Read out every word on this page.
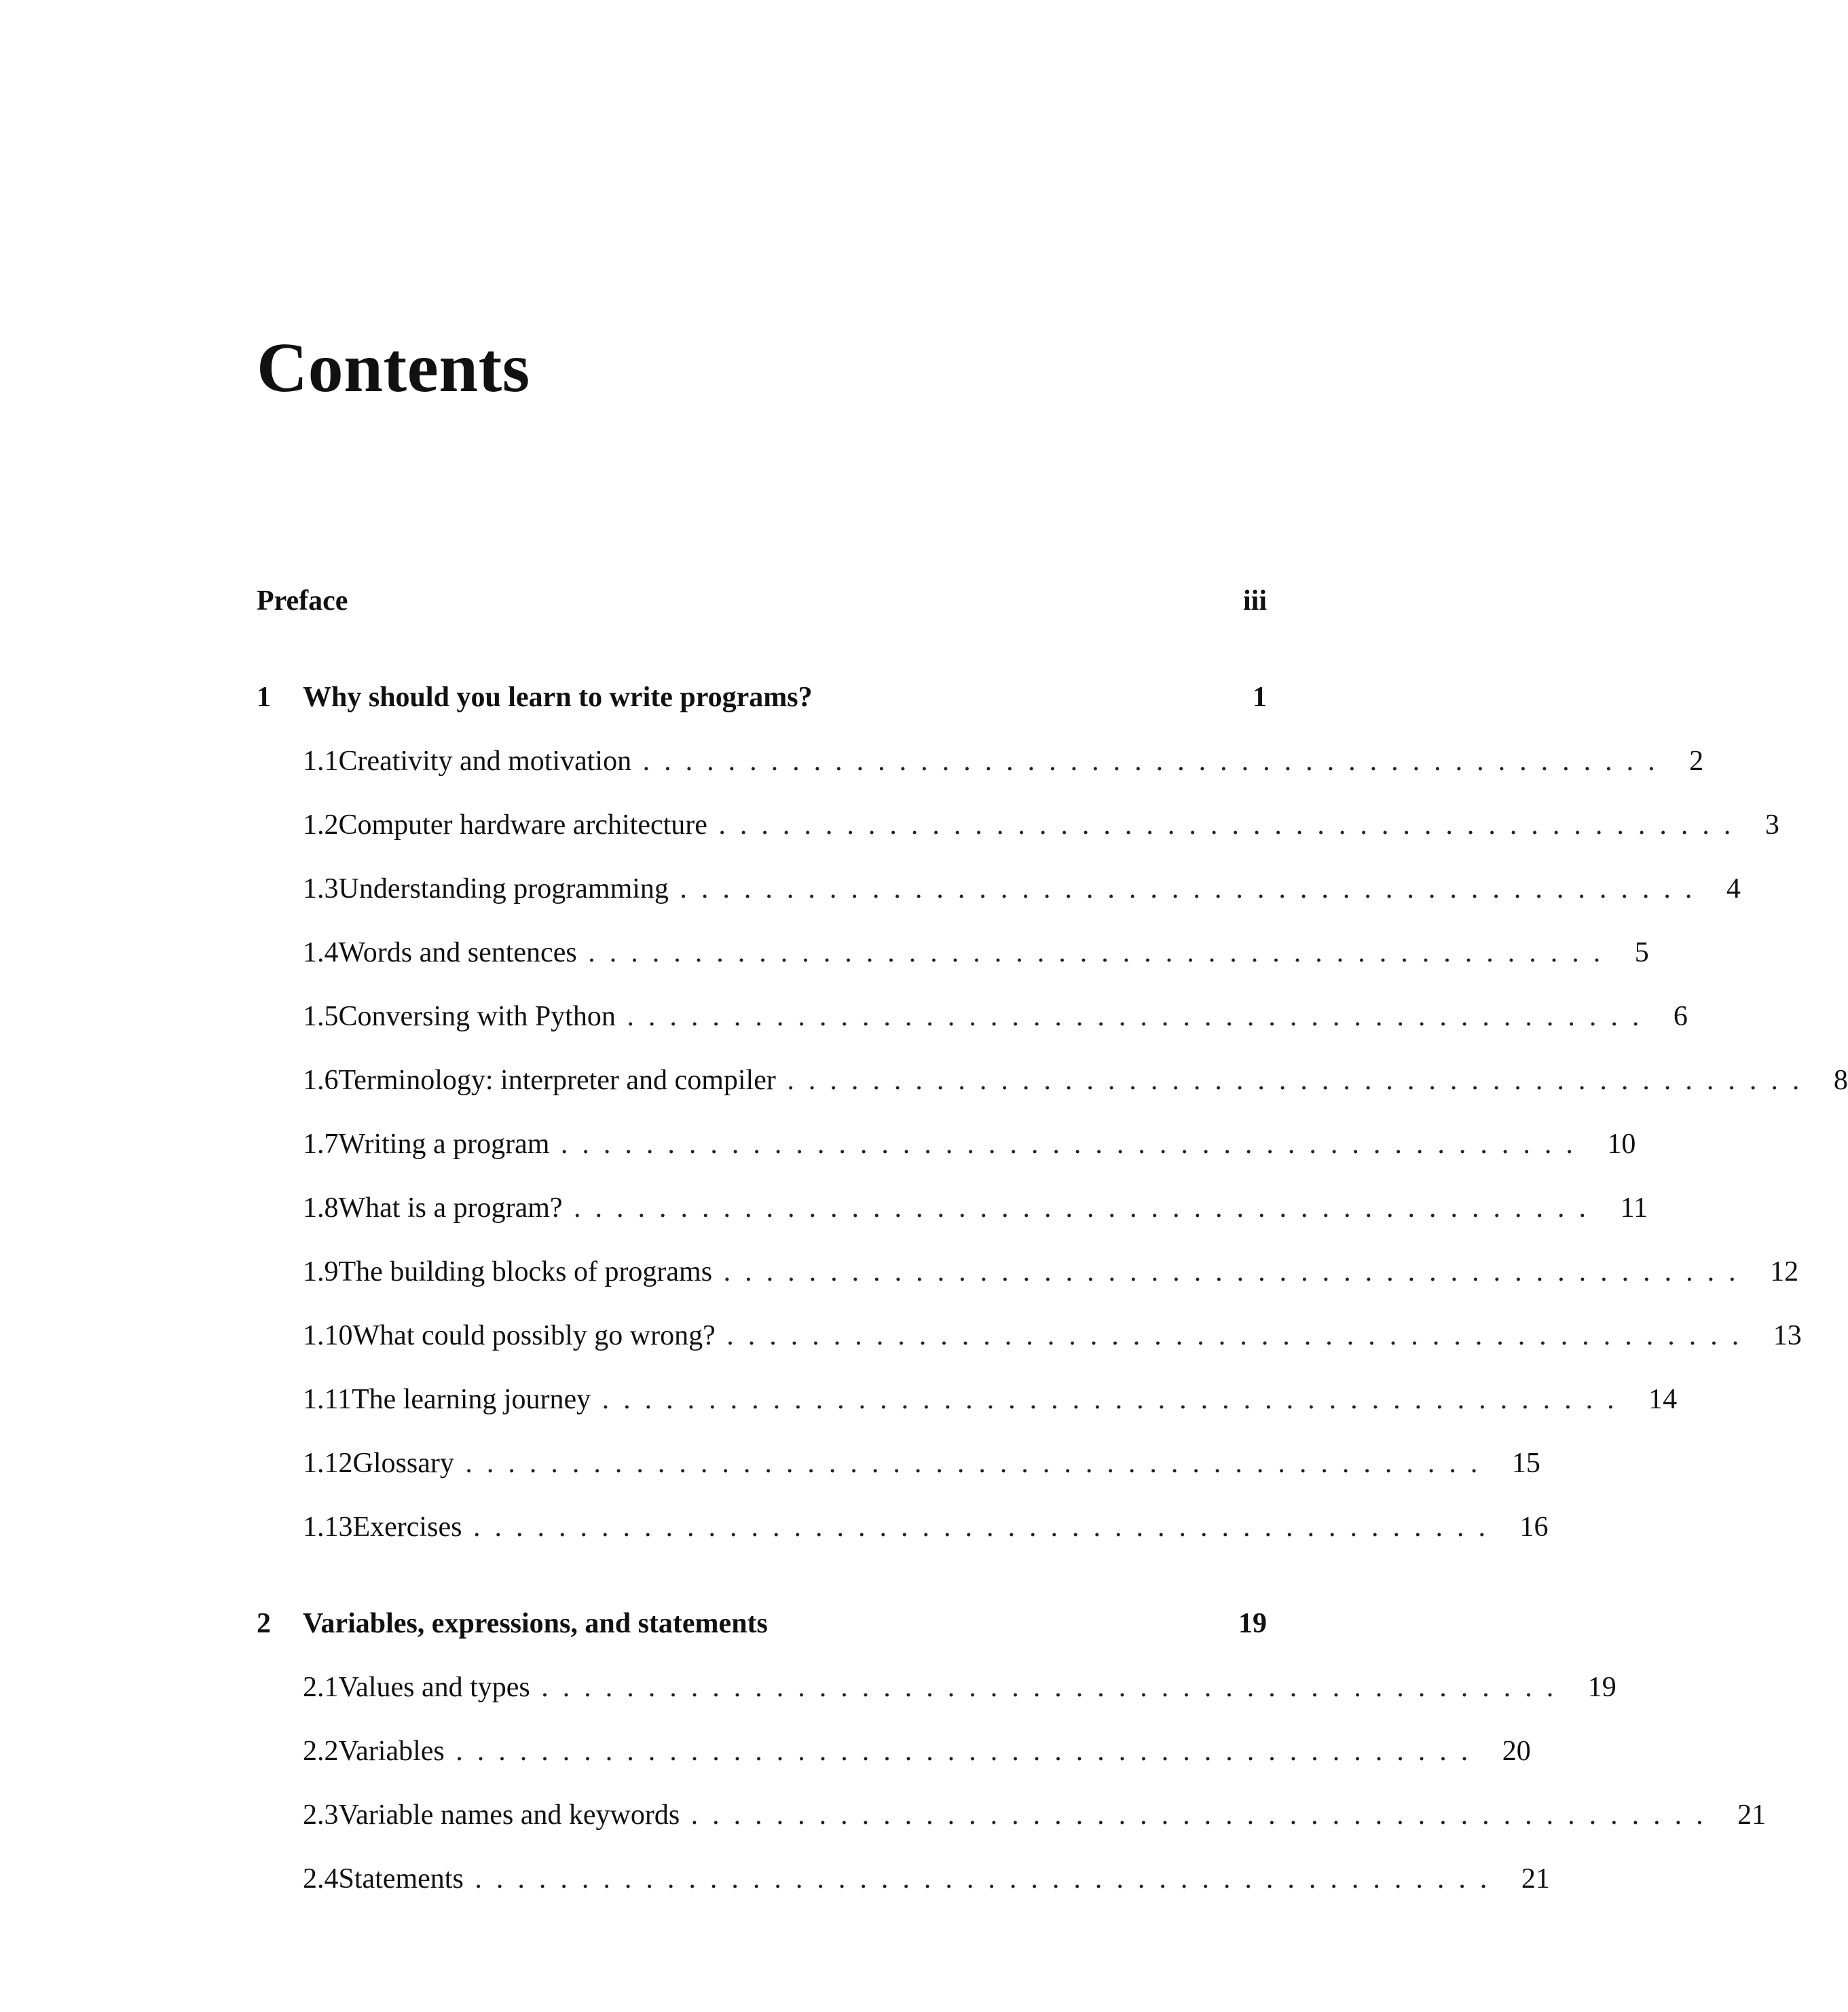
Contents
Preface	iii
1	Why should you learn to write programs?	1
1.1 Creativity and motivation . . . . . . . . . . . . . . . . . . . . . . . . . . . . . . . . . . . . . . . . . . . . . . . .	2
1.2 Computer hardware architecture . . . . . . . . . . . . . . . . . . . . . . . . . . . . . . . . . . . . . . . . . . . . . . . .	3
1.3 Understanding programming . . . . . . . . . . . . . . . . . . . . . . . . . . . . . . . . . . . . . . . . . . . . . . . .	4
1.4 Words and sentences . . . . . . . . . . . . . . . . . . . . . . . . . . . . . . . . . . . . . . . . . . . . . . . .	5
1.5 Conversing with Python . . . . . . . . . . . . . . . . . . . . . . . . . . . . . . . . . . . . . . . . . . . . . . . .	6
1.6 Terminology: interpreter and compiler . . . . . . . . . . . . . . . . . . . . . . . . . . . . . . . . . . . . . . . . . . . . . . . .	8
1.7 Writing a program . . . . . . . . . . . . . . . . . . . . . . . . . . . . . . . . . . . . . . . . . . . . . . . .	10
1.8 What is a program? . . . . . . . . . . . . . . . . . . . . . . . . . . . . . . . . . . . . . . . . . . . . . . . .	11
1.9 The building blocks of programs . . . . . . . . . . . . . . . . . . . . . . . . . . . . . . . . . . . . . . . . . . . . . . . .	12
1.10 What could possibly go wrong? . . . . . . . . . . . . . . . . . . . . . . . . . . . . . . . . . . . . . . . . . . . . . . . .	13
1.11 The learning journey . . . . . . . . . . . . . . . . . . . . . . . . . . . . . . . . . . . . . . . . . . . . . . . .	14
1.12 Glossary . . . . . . . . . . . . . . . . . . . . . . . . . . . . . . . . . . . . . . . . . . . . . . . .	15
1.13 Exercises . . . . . . . . . . . . . . . . . . . . . . . . . . . . . . . . . . . . . . . . . . . . . . . .	16
2	Variables, expressions, and statements	19
2.1 Values and types . . . . . . . . . . . . . . . . . . . . . . . . . . . . . . . . . . . . . . . . . . . . . . . .	19
2.2 Variables . . . . . . . . . . . . . . . . . . . . . . . . . . . . . . . . . . . . . . . . . . . . . . . .	20
2.3 Variable names and keywords . . . . . . . . . . . . . . . . . . . . . . . . . . . . . . . . . . . . . . . . . . . . . . . .	21
2.4 Statements . . . . . . . . . . . . . . . . . . . . . . . . . . . . . . . . . . . . . . . . . . . . . . . .	21
